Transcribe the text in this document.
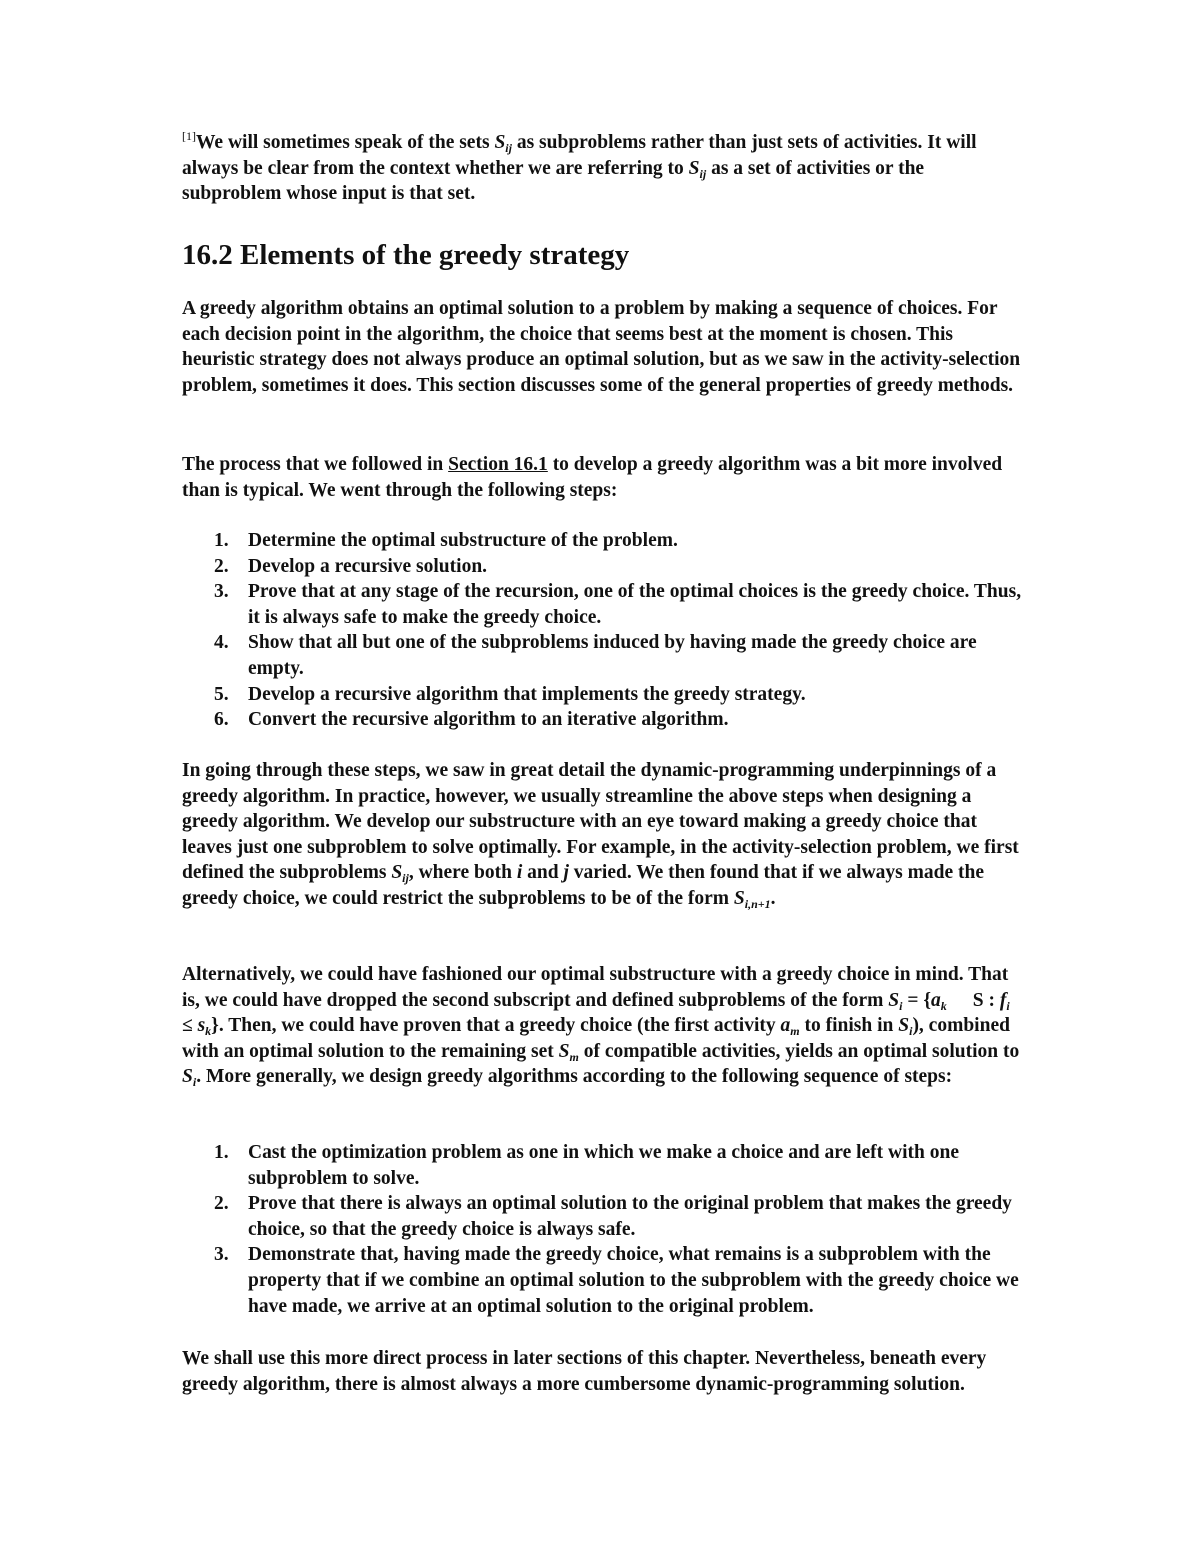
[1]We will sometimes speak of the sets $S_{ij}$ as subproblems rather than just sets of activities. It will always be clear from the context whether we are referring to $S_{ij}$ as a set of activities or the subproblem whose input is that set.

16.2 Elements of the greedy strategy

A greedy algorithm obtains an optimal solution to a problem by making a sequence of choices. For each decision point in the algorithm, the choice that seems best at the moment is chosen. This heuristic strategy does not always produce an optimal solution, but as we saw in the activity-selection problem, sometimes it does. This section discusses some of the general properties of greedy methods.

The process that we followed in Section 16.1 to develop a greedy algorithm was a bit more involved than is typical. We went through the following steps:

1. Determine the optimal substructure of the problem.
2. Develop a recursive solution.
3. Prove that at any stage of the recursion, one of the optimal choices is the greedy choice. Thus, it is always safe to make the greedy choice.
4. Show that all but one of the subproblems induced by having made the greedy choice are empty.
5. Develop a recursive algorithm that implements the greedy strategy.
6. Convert the recursive algorithm to an iterative algorithm.

In going through these steps, we saw in great detail the dynamic-programming underpinnings of a greedy algorithm. In practice, however, we usually streamline the above steps when designing a greedy algorithm. We develop our substructure with an eye toward making a greedy choice that leaves just one subproblem to solve optimally. For example, in the activity-selection problem, we first defined the subproblems $S_{ij}$, where both i and j varied. We then found that if we always made the greedy choice, we could restrict the subproblems to be of the form $S_{i,n+1}$.

Alternatively, we could have fashioned our optimal substructure with a greedy choice in mind. That is, we could have dropped the second subscript and defined subproblems of the form $S_i = \{a_k$ S : $f_i \le s_k$}. Then, we could have proven that a greedy choice (the first activity $a_m$ to finish in $S_i$), combined with an optimal solution to the remaining set $S_m$ of compatible activities, yields an optimal solution to $S_i$. More generally, we design greedy algorithms according to the following sequence of steps:

1. Cast the optimization problem as one in which we make a choice and are left with one subproblem to solve.
2. Prove that there is always an optimal solution to the original problem that makes the greedy choice, so that the greedy choice is always safe.
3. Demonstrate that, having made the greedy choice, what remains is a subproblem with the property that if we combine an optimal solution to the subproblem with the greedy choice we have made, we arrive at an optimal solution to the original problem.

We shall use this more direct process in later sections of this chapter. Nevertheless, beneath every greedy algorithm, there is almost always a more cumbersome dynamic-programming solution.
